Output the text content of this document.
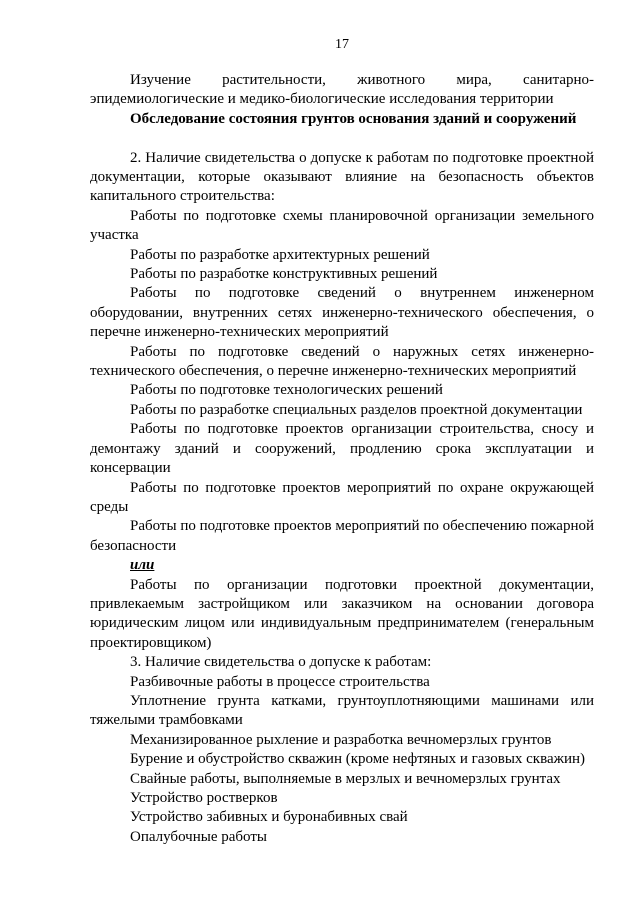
17

Изучение растительности, животного мира, санитарно-эпидемиологические и медико-биологические исследования территории

Обследование состояния грунтов основания зданий и сооружений

2. Наличие свидетельства о допуске к работам по подготовке проектной документации, которые оказывают влияние на безопасность объектов капитального строительства:

Работы по подготовке схемы планировочной организации земельного участка

Работы по разработке архитектурных решений

Работы по разработке конструктивных решений

Работы по подготовке сведений о внутреннем инженерном оборудовании, внутренних сетях инженерно-технического обеспечения, о перечне инженерно-технических мероприятий

Работы по подготовке сведений о наружных сетях инженерно-технического обеспечения, о перечне инженерно-технических мероприятий

Работы по подготовке технологических решений

Работы по разработке специальных разделов проектной документации

Работы по подготовке проектов организации строительства, сносу и демонтажу зданий и сооружений, продлению срока эксплуатации и консервации

Работы по подготовке проектов мероприятий по охране окружающей среды

Работы по подготовке проектов мероприятий по обеспечению пожарной безопасности

или

Работы по организации подготовки проектной документации, привлекаемым застройщиком или заказчиком на основании договора юридическим лицом или индивидуальным предпринимателем (генеральным проектировщиком)

3. Наличие свидетельства о допуске к работам:

Разбивочные работы в процессе строительства

Уплотнение грунта катками, грунтоуплотняющими машинами или тяжелыми трамбовками

Механизированное рыхление и разработка вечномерзлых грунтов

Бурение и обустройство скважин (кроме нефтяных и газовых скважин)

Свайные работы, выполняемые в мерзлых и вечномерзлых грунтах

Устройство ростверков

Устройство забивных и буронабивных свай

Опалубочные работы
